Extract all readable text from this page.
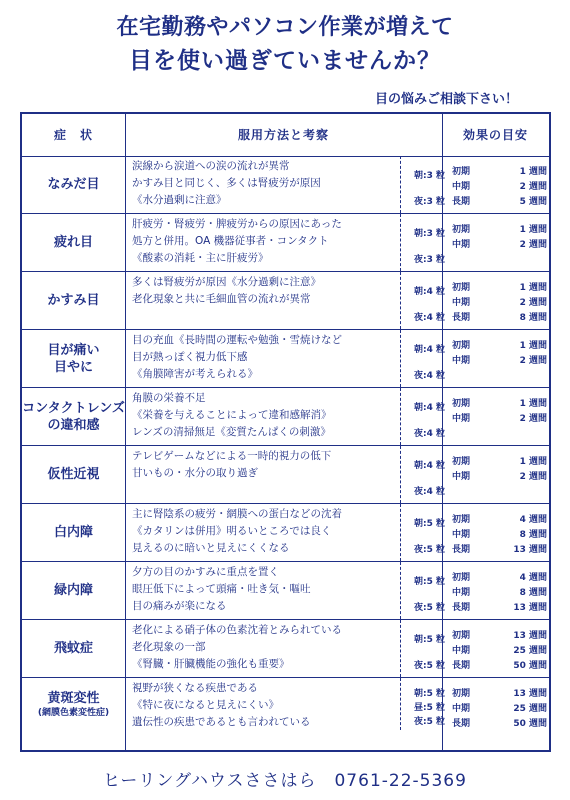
在宅勤務やパソコン作業が増えて
目を使い過ぎていませんか？
目の悩みご相談下さい！
症　状	服用方法と考察	効果の目安
なみだ目
涙線から涙道への涙の流れが異常
かすみ目と同じく、多くは腎疲労が原因
《水分過剰に注意》
朝:3 粒
夜:3 粒
初期	1 週間
中期	2 週間
長期	5 週間
疲れ目
肝疲労・腎疲労・脾疲労からの原因にあった
処方と併用。OA 機器従事者・コンタクト
《酸素の消耗・主に肝疲労》
朝:3 粒
夜:3 粒
初期	1 週間
中期	2 週間
かすみ目
多くは腎疲労が原因《水分過剰に注意》
老化現象と共に毛細血管の流れが異常
朝:4 粒
夜:4 粒
初期	1 週間
中期	2 週間
長期	8 週間
目が痛い
目やに
目の充血《長時間の運転や勉強・雪焼けなど
目が熱っぽく視力低下感
《角膜障害が考えられる》
朝:4 粒
夜:4 粒
初期	1 週間
中期	2 週間
コンタクトレンズ
の違和感
角膜の栄養不足
《栄養を与えることによって違和感解消》
レンズの清掃無足《変質たんぱくの刺激》
朝:4 粒
夜:4 粒
初期	1 週間
中期	2 週間
仮性近視
テレビゲームなどによる一時的視力の低下
甘いもの・水分の取り過ぎ
朝:4 粒
夜:4 粒
初期	1 週間
中期	2 週間
白内障
主に腎陰系の疲労・網膜への蛋白などの沈着
《カタリンは併用》明るいところでは良く
見えるのに暗いと見えにくくなる
朝:5 粒
夜:5 粒
初期	4 週間
中期	8 週間
長期	13 週間
緑内障
夕方の目のかすみに重点を置く
眼圧低下によって頭痛・吐き気・嘔吐
目の痛みが楽になる
朝:5 粒
夜:5 粒
初期	4 週間
中期	8 週間
長期	13 週間
飛蚊症
老化による硝子体の色素沈着とみられている
老化現象の一部
《腎臓・肝臓機能の強化も重要》
朝:5 粒
夜:5 粒
初期	13 週間
中期	25 週間
長期	50 週間
黄斑変性
(網膜色素変性症)
視野が狭くなる疾患である
《特に夜になると見えにくい》
遺伝性の疾患であるとも言われている
朝:5 粒
昼:5 粒
夜:5 粒
初期	13 週間
中期	25 週間
長期	50 週間
ヒーリングハウスささはら　0761-22-5369
